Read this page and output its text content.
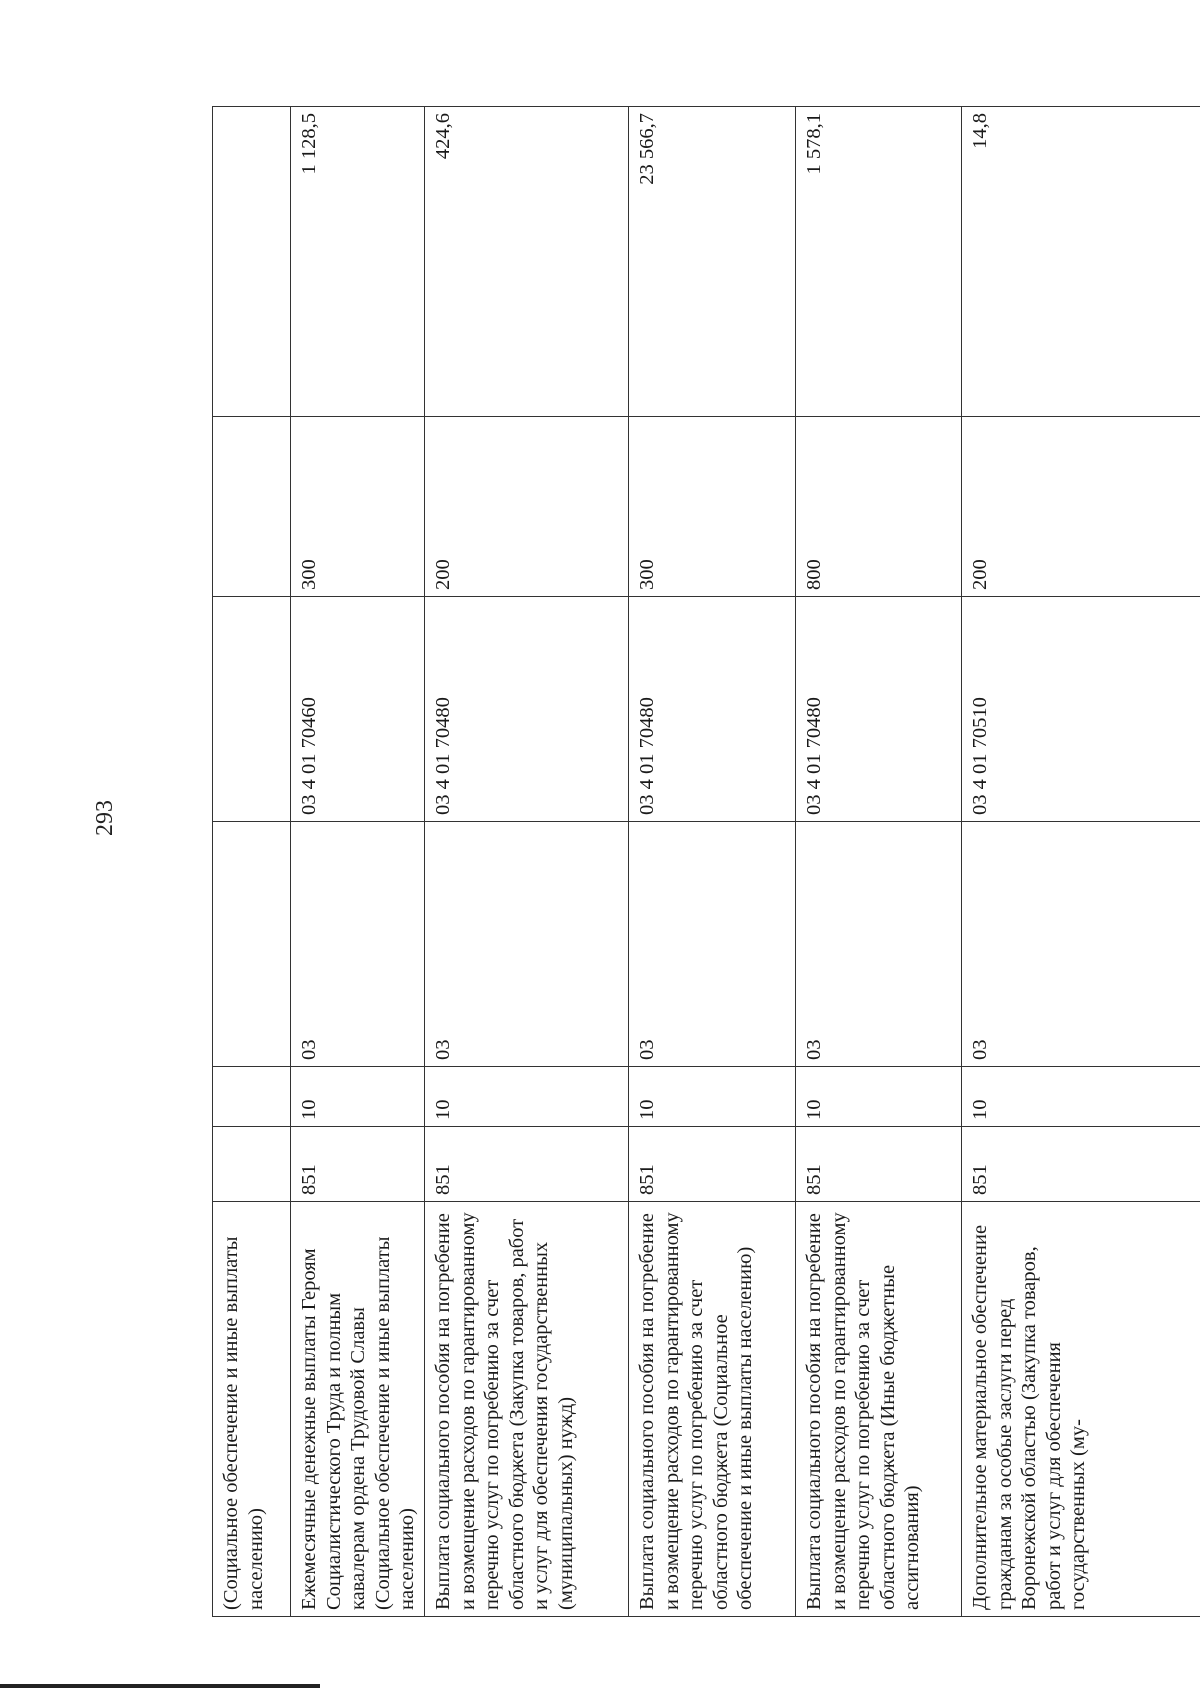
293
(Социальное обеспечение и иные выплаты населению)						
Ежемесячные денежные выплаты Героям Социалистического Труда и полным кавалерам ордена Трудовой Славы (Социальное обеспечение и иные выплаты населению)	851	10	03	03 4 01 70460	300	1 128,5
Выплата социального пособия на погребение и возмещение расходов по гарантированному перечню услуг по погребению за счет областного бюджета (Закупка товаров, работ и услуг для обеспечения государственных (муниципальных) нужд)	851	10	03	03 4 01 70480	200	424,6
Выплата социального пособия на погребение и возмещение расходов по гарантированному перечню услуг по погребению за счет областного бюджета (Социальное обеспечение и иные выплаты населению)	851	10	03	03 4 01 70480	300	23 566,7
Выплата социального пособия на погребение и возмещение расходов по гарантированному перечню услуг по погребению за счет областного бюджета (Иные бюджетные ассигнования)	851	10	03	03 4 01 70480	800	1 578,1
Дополнительное материальное обеспечение гражданам за особые заслуги перед Воронежской областью (Закупка товаров, работ и услуг для обеспечения государственных (му-	851	10	03	03 4 01 70510	200	14,8
